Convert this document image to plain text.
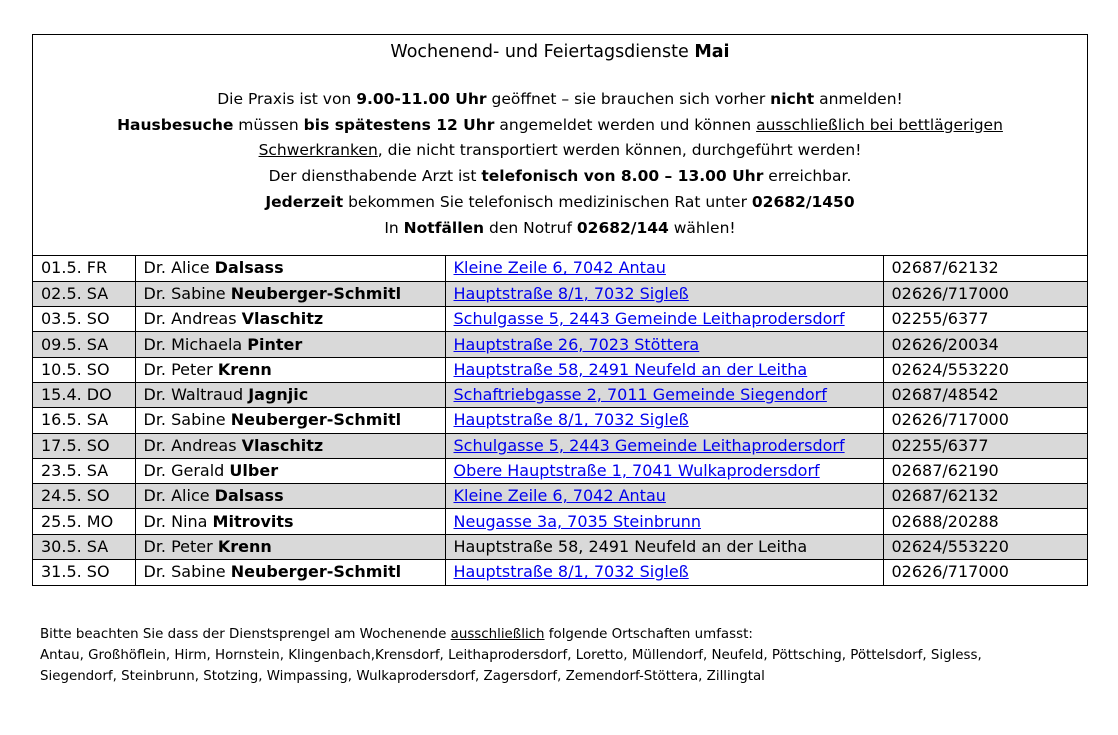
Wochenend- und Feiertagsdienste Mai
Die Praxis ist von 9.00-11.00 Uhr geöffnet – sie brauchen sich vorher nicht anmelden!
Hausbesuche müssen bis spätestens 12 Uhr angemeldet werden und können ausschließlich bei bettlägerigen
Schwerkranken, die nicht transportiert werden können, durchgeführt werden!
Der diensthabende Arzt ist telefonisch von 8.00 – 13.00 Uhr erreichbar.
Jederzeit bekommen Sie telefonisch medizinischen Rat unter 02682/1450
In Notfällen den Notruf 02682/144 wählen!
01.5. FR	Dr. Alice Dalsass	Kleine Zeile 6, 7042 Antau	02687/62132
02.5. SA	Dr. Sabine Neuberger-Schmitl	Hauptstraße 8/1, 7032 Sigleß	02626/717000
03.5. SO	Dr. Andreas Vlaschitz	Schulgasse 5, 2443 Gemeinde Leithaprodersdorf	02255/6377
09.5. SA	Dr. Michaela Pinter	Hauptstraße 26, 7023 Stöttera	02626/20034
10.5. SO	Dr. Peter Krenn	Hauptstraße 58, 2491 Neufeld an der Leitha	02624/553220
15.4. DO	Dr. Waltraud Jagnjic	Schaftriebgasse 2, 7011 Gemeinde Siegendorf	02687/48542
16.5. SA	Dr. Sabine Neuberger-Schmitl	Hauptstraße 8/1, 7032 Sigleß	02626/717000
17.5. SO	Dr. Andreas Vlaschitz	Schulgasse 5, 2443 Gemeinde Leithaprodersdorf	02255/6377
23.5. SA	Dr. Gerald Ulber	Obere Hauptstraße 1, 7041 Wulkaprodersdorf	02687/62190
24.5. SO	Dr. Alice Dalsass	Kleine Zeile 6, 7042 Antau	02687/62132
25.5. MO	Dr. Nina Mitrovits	Neugasse 3a, 7035 Steinbrunn	02688/20288
30.5. SA	Dr. Peter Krenn	Hauptstraße 58, 2491 Neufeld an der Leitha	02624/553220
31.5. SO	Dr. Sabine Neuberger-Schmitl	Hauptstraße 8/1, 7032 Sigleß	02626/717000
Bitte beachten Sie dass der Dienstsprengel am Wochenende ausschließlich folgende Ortschaften umfasst:
Antau, Großhöflein, Hirm, Hornstein, Klingenbach,Krensdorf, Leithaprodersdorf, Loretto, Müllendorf, Neufeld, Pöttsching, Pöttelsdorf, Sigless,
Siegendorf, Steinbrunn, Stotzing, Wimpassing, Wulkaprodersdorf, Zagersdorf, Zemendorf-Stöttera, Zillingtal
